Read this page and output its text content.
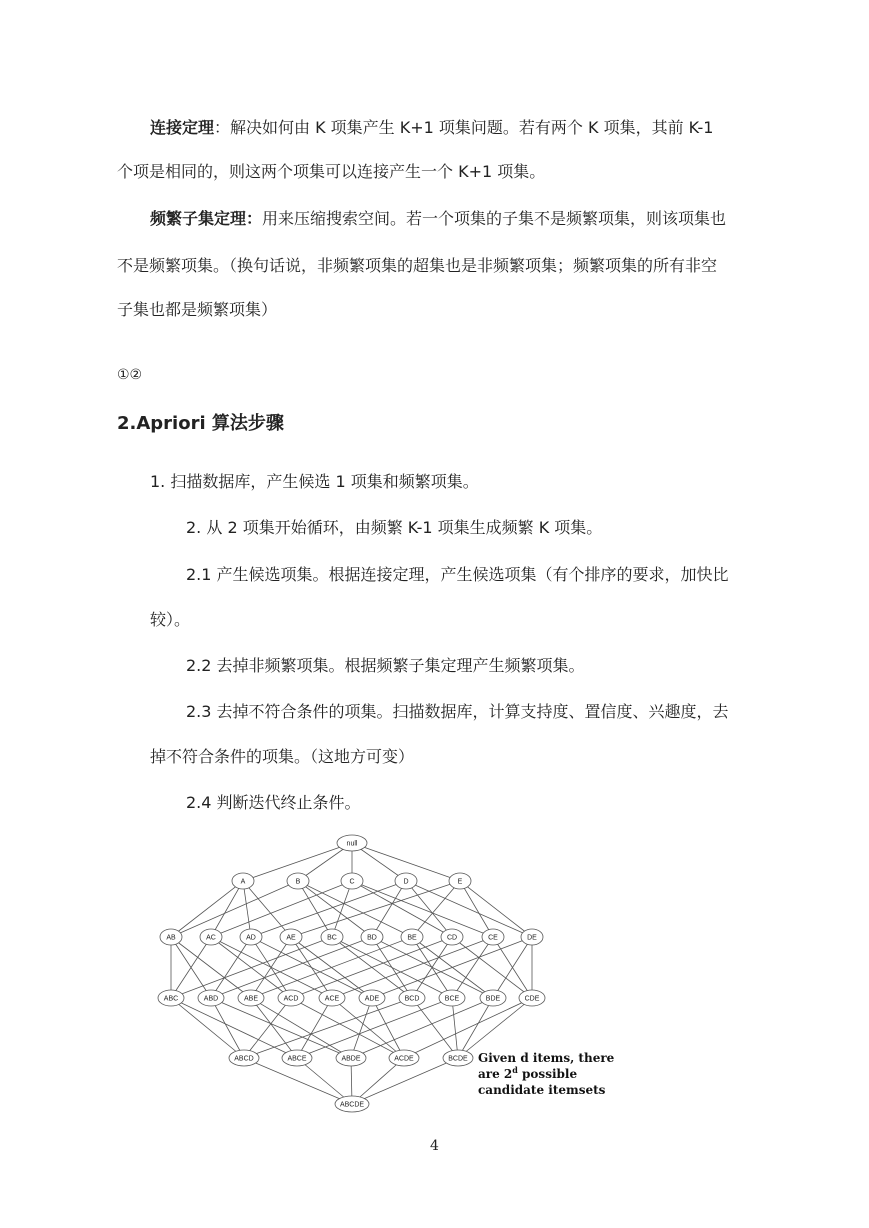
连接定理：解决如何由 K 项集产生 K+1 项集问题。若有两个 K 项集，其前 K-1
个项是相同的，则这两个项集可以连接产生一个 K+1 项集。
频繁子集定理：用来压缩搜索空间。若一个项集的子集不是频繁项集，则该项集也
不是频繁项集。（换句话说，非频繁项集的超集也是非频繁项集；频繁项集的所有非空
子集也都是频繁项集）
①②
2.Apriori 算法步骤
1. 扫描数据库，产生候选 1 项集和频繁项集。
2. 从 2 项集开始循环，由频繁 K-1 项集生成频繁 K 项集。
2.1 产生候选项集。根据连接定理，产生候选项集（有个排序的要求，加快比
较）。
2.2 去掉非频繁项集。根据频繁子集定理产生频繁项集。
2.3 去掉不符合条件的项集。扫描数据库，计算支持度、置信度、兴趣度，去
掉不符合条件的项集。（这地方可变）
2.4 判断迭代终止条件。
null
A	B	C	D	E
AB	AC	AD	AE	BC	BD	BE	CD	CE	DE
ABC	ABD	ABE	ACD	ACE	ADE	BCD	BCE	BDE	CDE
ABCD	ABCE	ABDE	ACDE	BCDE
ABCDE
Given d items, there
are 2$^d$ possible
candidate itemsets
4
